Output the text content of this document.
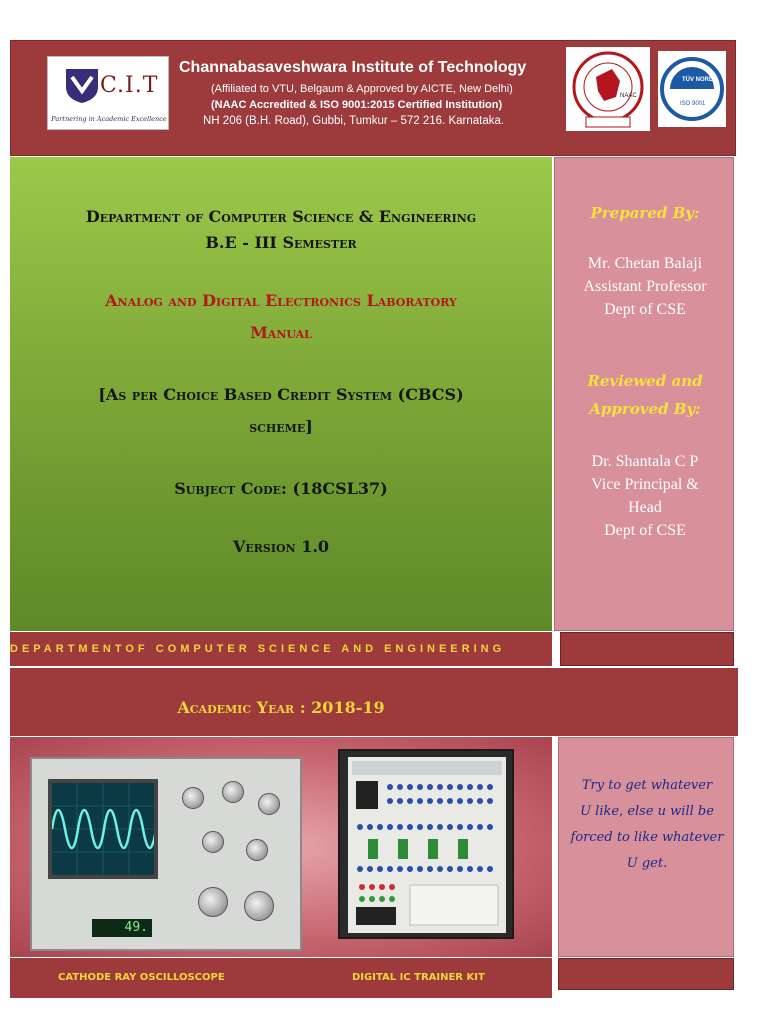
C.I.T
Partnering in Academic Excellence
Channabasaveshwara Institute of Technology
(Affiliated to VTU, Belgaum & Approved by AICTE, New Delhi)
(NAAC Accredited & ISO 9001:2015 Certified Institution)
NH 206 (B.H. Road), Gubbi, Tumkur – 572 216. Karnataka.
NAAC
TÜV NORD
ISO 9001
Department of Computer Science & Engineering
B.E - III Semester
Analog and Digital Electronics Laboratory
Manual
[As per Choice Based Credit System (CBCS)
scheme]
Subject Code: (18CSL37)
Version 1.0
Prepared By:
Mr. Chetan Balaji
Assistant Professor
Dept of CSE
Reviewed and
Approved By:
Dr. Shantala C P
Vice Principal &
Head
Dept of CSE
DEPARTMENTOF COMPUTER SCIENCE AND ENGINEERING
Academic Year : 2018-19
49.
Try to get whatever
U like, else u will be
forced to like whatever
U get.
CATHODE RAY OSCILLOSCOPE	DIGITAL IC TRAINER KIT
